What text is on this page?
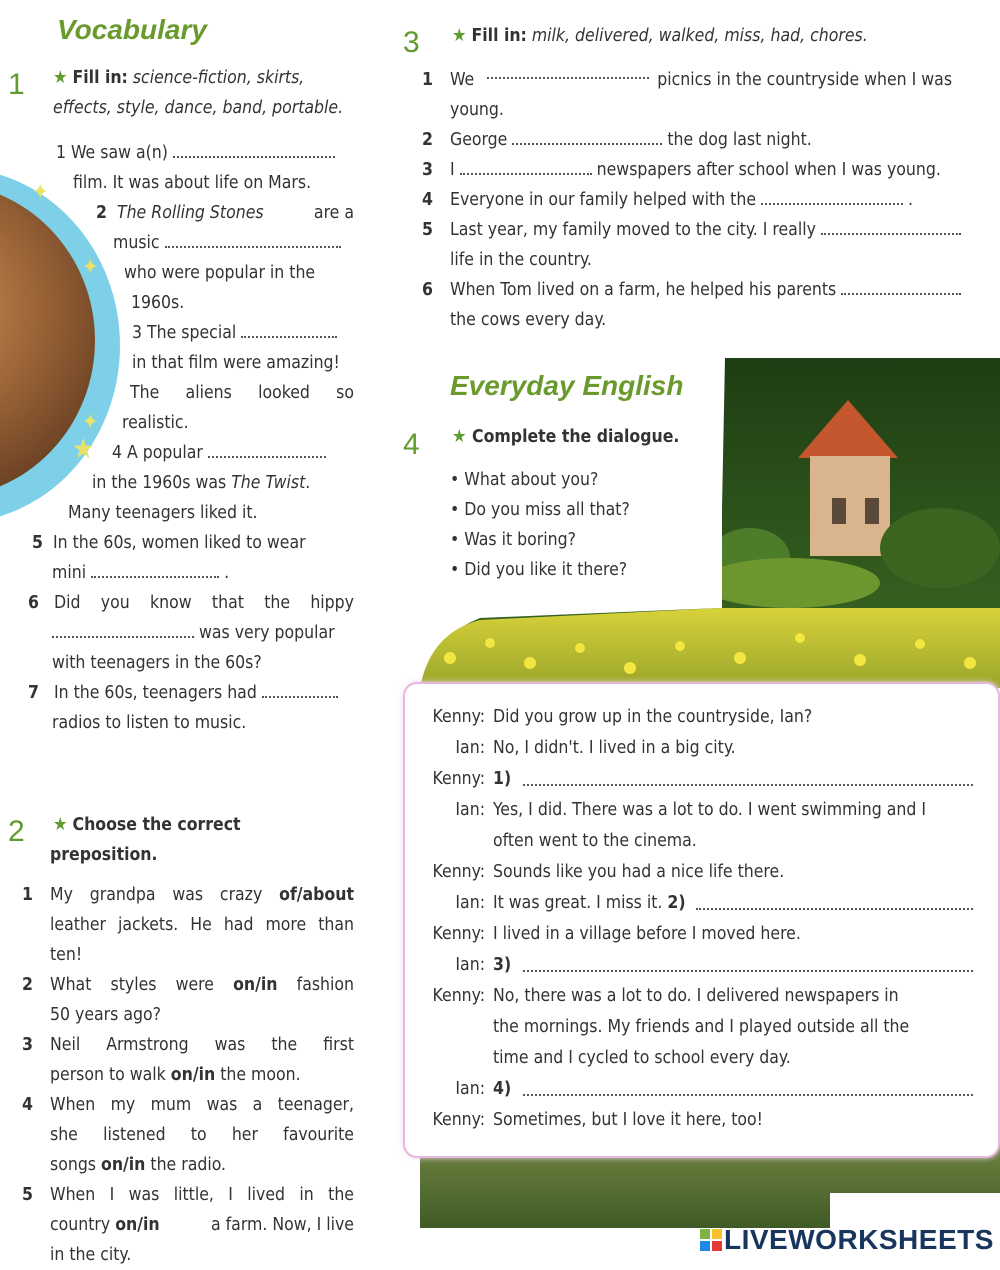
Vocabulary
1 ★ Fill in: science-fiction, skirts,
effects, style, dance, band, portable.
✦
✦
✦
★
1 We saw a(n)
film. It was about life on Mars.
2 The Rolling Stones	are a
music
who were popular in the
1960s.
3 The special
in that film were amazing!
The aliens looked so
realistic.
4 A popular
in the 1960s was The Twist.
Many teenagers liked it.
5 In the 60s, women liked to wear
mini	.
6 Did you know that the hippy
was very popular
with teenagers in the 60s?
7 In the 60s, teenagers had
radios to listen to music.
2 ★ Choose the correct
preposition.
1 My grandpa was crazy of/about
leather jackets. He had more than
ten!
2 What styles were on/in fashion
50 years ago?
3 Neil Armstrong was the first
person to walk on/in the moon.
4 When my mum was a teenager,
she listened to her favourite
songs on/in the radio.
5 When I was little, I lived in the
country on/in	a farm. Now, I live
in the city.
3 ★ Fill in: milk, delivered, walked, miss, had, chores.
1 We
	picnics in the countryside when I was
young.
2 George	the dog last night.
3 I	newspapers after school when I was young.
4 Everyone in our family helped with the	.
5 Last year, my family moved to the city. I really
life in the country.
6 When Tom lived on a farm, he helped his parents
the cows every day.
Everyday English
4 ★ Complete the dialogue.
• What about you?
• Do you miss all that?
• Was it boring?
• Did you like it there?
Kenny: Did you grow up in the countryside, Ian?
Ian: No, I didn't. I lived in a big city.
Kenny: 1)
Ian: Yes, I did. There was a lot to do. I went swimming and I
often went to the cinema.
Kenny: Sounds like you had a nice life there.
Ian: It was great. I miss it.
2)
Kenny: I lived in a village before I moved here.
Ian: 3)
Kenny: No, there was a lot to do. I delivered newspapers in
the mornings. My friends and I played outside all the
time and I cycled to school every day.
Ian: 4)
Kenny: Sometimes, but I love it here, too!
LIVEWORKSHEETS
